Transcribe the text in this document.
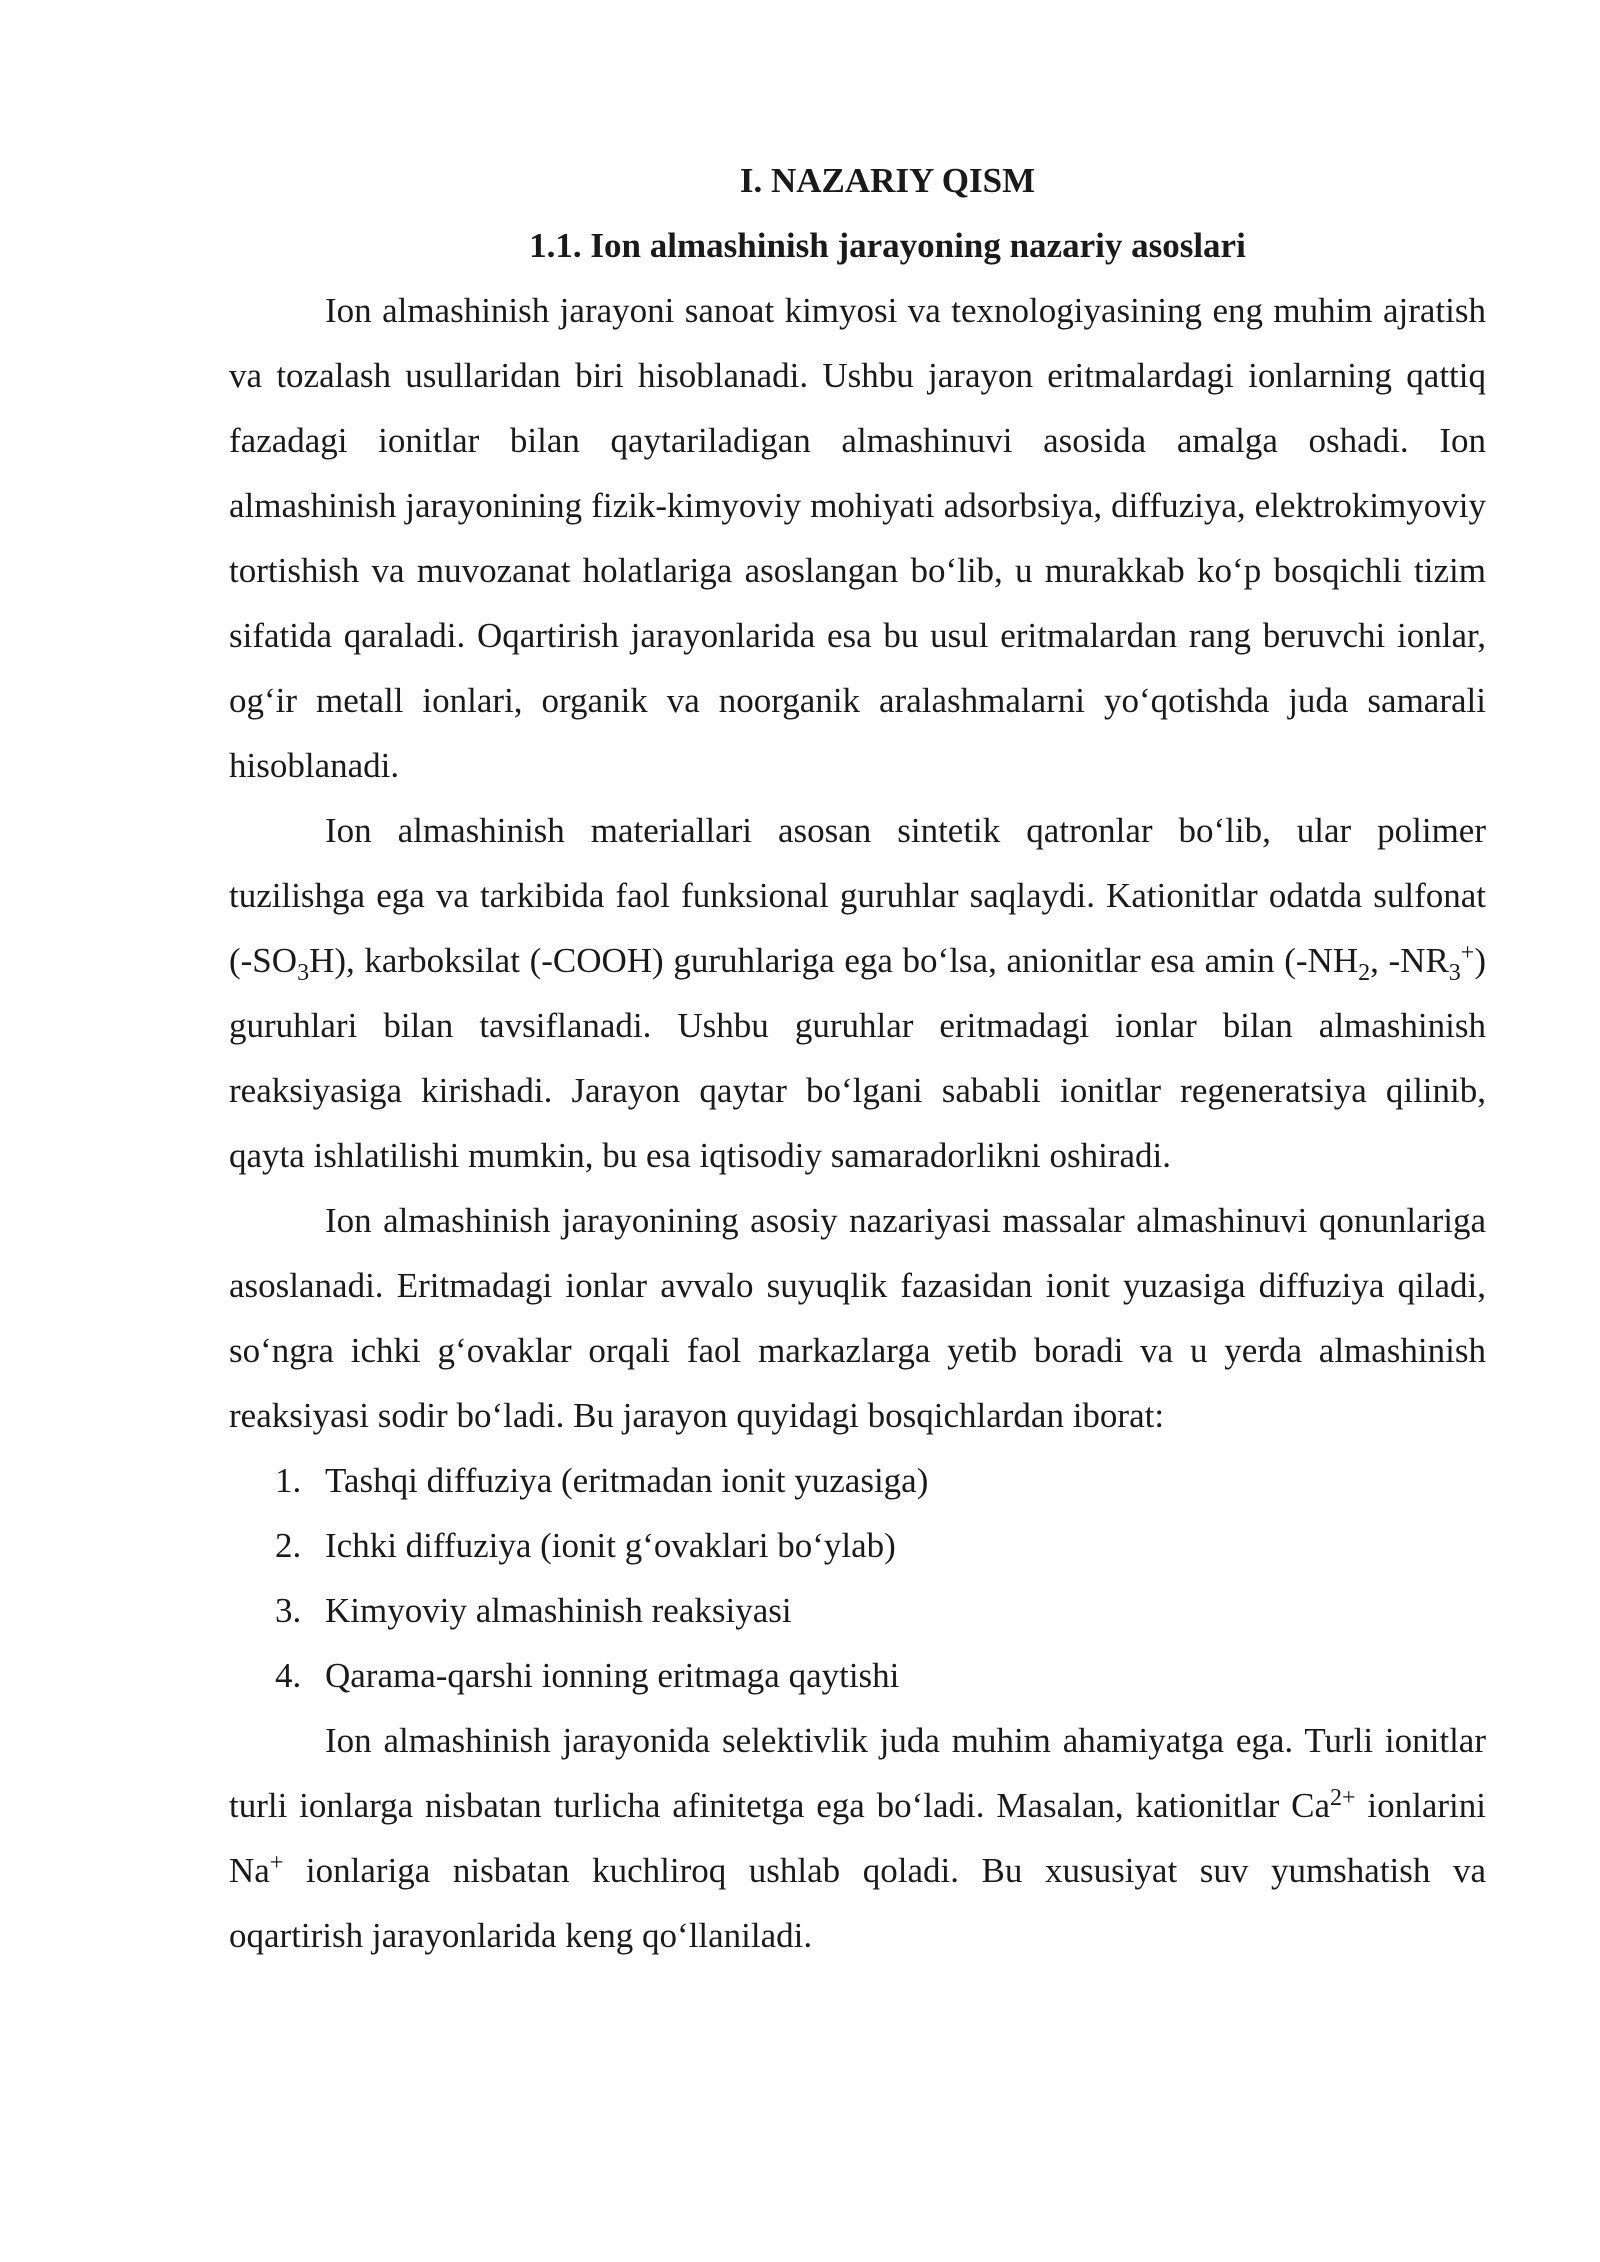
I. NAZARIY QISM
1.1. Ion almashinish jarayoning nazariy asoslari

Ion almashinish jarayoni sanoat kimyosi va texnologiyasining eng muhim ajratish va tozalash usullaridan biri hisoblanadi. Ushbu jarayon eritmalardagi ionlarning qattiq fazadagi ionitlar bilan qaytariladigan almashinuvi asosida amalga oshadi. Ion almashinish jarayonining fizik-kimyoviy mohiyati adsorbsiya, diffuziya, elektrokimyoviy tortishish va muvozanat holatlariga asoslangan bo‘lib, u murakkab ko‘p bosqichli tizim sifatida qaraladi. Oqartirish jarayonlarida esa bu usul eritmalardan rang beruvchi ionlar, og‘ir metall ionlari, organik va noorganik aralashmalarni yo‘qotishda juda samarali hisoblanadi.

Ion almashinish materiallari asosan sintetik qatronlar bo‘lib, ular polimer tuzilishga ega va tarkibida faol funksional guruhlar saqlaydi. Kationitlar odatda sulfonat $(-SO_3H)$, karboksilat (-COOH) guruhlariga ega bo‘lsa, anionitlar esa amin ($-NH_2$, $-NR_3^+$) guruhlari bilan tavsiflanadi. Ushbu guruhlar eritmadagi ionlar bilan almashinish reaksiyasiga kirishadi. Jarayon qaytar bo‘lgani sababli ionitlar regeneratsiya qilinib, qayta ishlatilishi mumkin, bu esa iqtisodiy samaradorlikni oshiradi.

Ion almashinish jarayonining asosiy nazariyasi massalar almashinuvi qonunlariga asoslanadi. Eritmadagi ionlar avvalo suyuqlik fazasidan ionit yuzasiga diffuziya qiladi, so‘ngra ichki g‘ovaklar orqali faol markazlarga yetib boradi va u yerda almashinish reaksiyasi sodir bo‘ladi. Bu jarayon quyidagi bosqichlardan iborat:

1. Tashqi diffuziya (eritmadan ionit yuzasiga)
2. Ichki diffuziya (ionit g‘ovaklari bo‘ylab)
3. Kimyoviy almashinish reaksiyasi
4. Qarama-qarshi ionning eritmaga qaytishi

Ion almashinish jarayonida selektivlik juda muhim ahamiyatga ega. Turli ionitlar turli ionlarga nisbatan turlicha afinitetga ega bo‘ladi. Masalan, kationitlar $Ca^{2+}$ ionlarini Na+ ionlariga nisbatan kuchliroq ushlab qoladi. Bu xususiyat suv yumshatish va oqartirish jarayonlarida keng qo‘llaniladi.
